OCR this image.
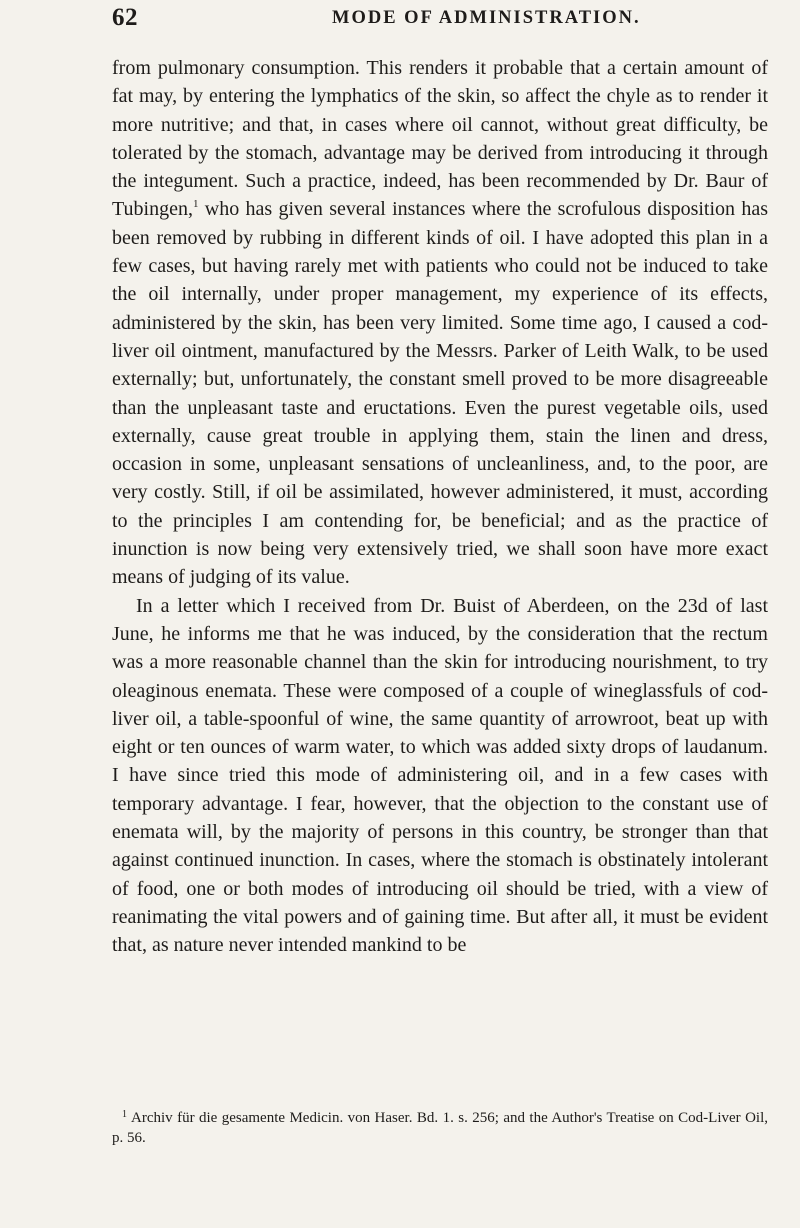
62	MODE OF ADMINISTRATION.

from pulmonary consumption. This renders it probable that a certain amount of fat may, by entering the lymphatics of the skin, so affect the chyle as to render it more nutritive; and that, in cases where oil cannot, without great difficulty, be tolerated by the stomach, advantage may be derived from introducing it through the integument. Such a practice, indeed, has been recommended by Dr. Baur of Tubingen,$^1$ who has given several instances where the scrofulous disposition has been removed by rubbing in different kinds of oil. I have adopted this plan in a few cases, but having rarely met with patients who could not be induced to take the oil internally, under proper management, my experience of its effects, administered by the skin, has been very limited. Some time ago, I caused a cod-liver oil ointment, manufactured by the Messrs. Parker of Leith Walk, to be used externally; but, unfortunately, the constant smell proved to be more disagreeable than the unpleasant taste and eructations. Even the purest vegetable oils, used externally, cause great trouble in applying them, stain the linen and dress, occasion in some, unpleasant sensations of uncleanliness, and, to the poor, are very costly. Still, if oil be assimilated, however administered, it must, according to the principles I am contending for, be beneficial; and as the practice of inunction is now being very extensively tried, we shall soon have more exact means of judging of its value.

In a letter which I received from Dr. Buist of Aberdeen, on the 23d of last June, he informs me that he was induced, by the consideration that the rectum was a more reasonable channel than the skin for introducing nourishment, to try oleaginous enemata. These were composed of a couple of wineglassfuls of cod-liver oil, a table-spoonful of wine, the same quantity of arrowroot, beat up with eight or ten ounces of warm water, to which was added sixty drops of laudanum. I have since tried this mode of administering oil, and in a few cases with temporary advantage. I fear, however, that the objection to the constant use of enemata will, by the majority of persons in this country, be stronger than that against continued inunction. In cases, where the stomach is obstinately intolerant of food, one or both modes of introducing oil should be tried, with a view of reanimating the vital powers and of gaining time. But after all, it must be evident that, as nature never intended mankind to be

$^1$ Archiv für die gesamente Medicin. von Haser. Bd. 1. s. 256; and the Author's Treatise on Cod-Liver Oil, p. 56.
